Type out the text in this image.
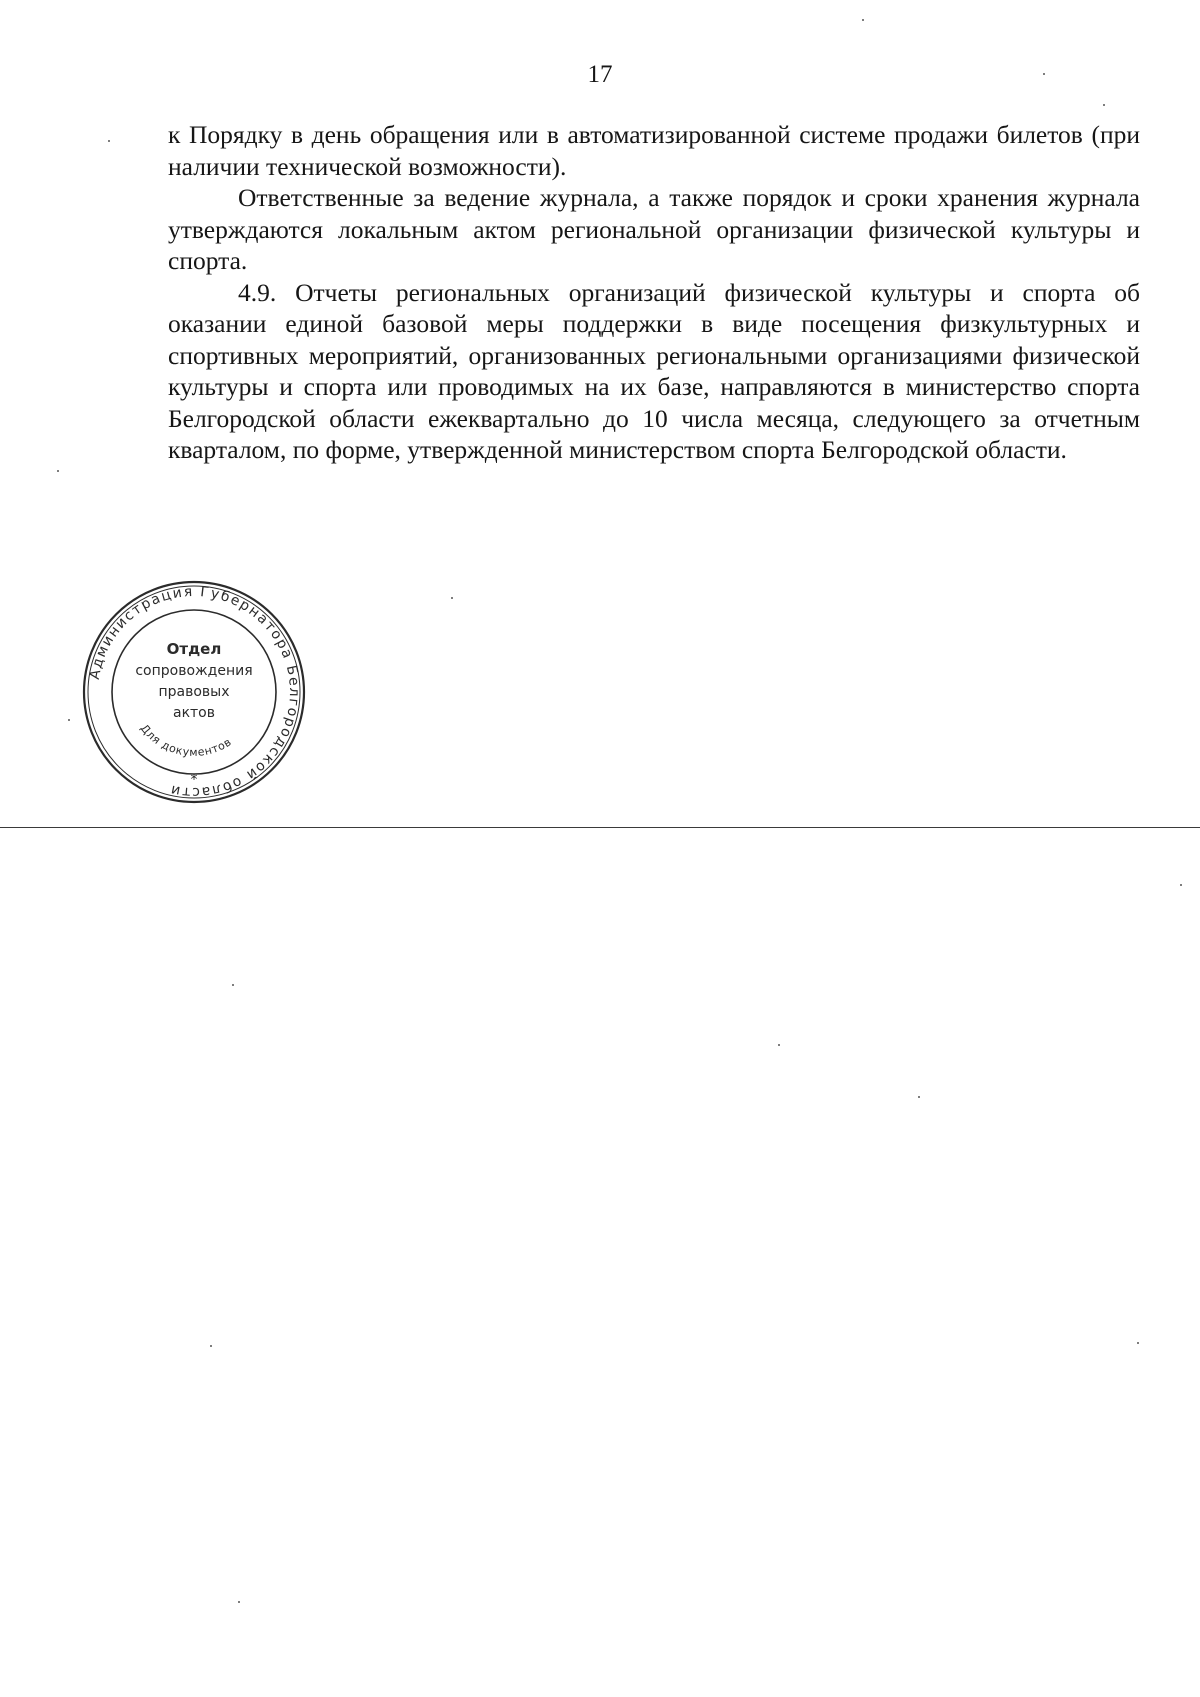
17

к Порядку в день обращения или в автоматизированной системе продажи билетов (при наличии технической возможности).

Ответственные за ведение журнала, а также порядок и сроки хранения журнала утверждаются локальным актом региональной организации физической культуры и спорта.

4.9. Отчеты региональных организаций физической культуры и спорта об оказании единой базовой меры поддержки в виде посещения физкультурных и спортивных мероприятий, организованных региональными организациями физической культуры и спорта или проводимых на их базе, направляются в министерство спорта Белгородской области ежеквартально до 10 числа месяца, следующего за отчетным кварталом, по форме, утвержденной министерством спорта Белгородской области.

Администрация Губернатора Белгородской области
Для документов
Отдел
сопровождения
правовых
актов
*
